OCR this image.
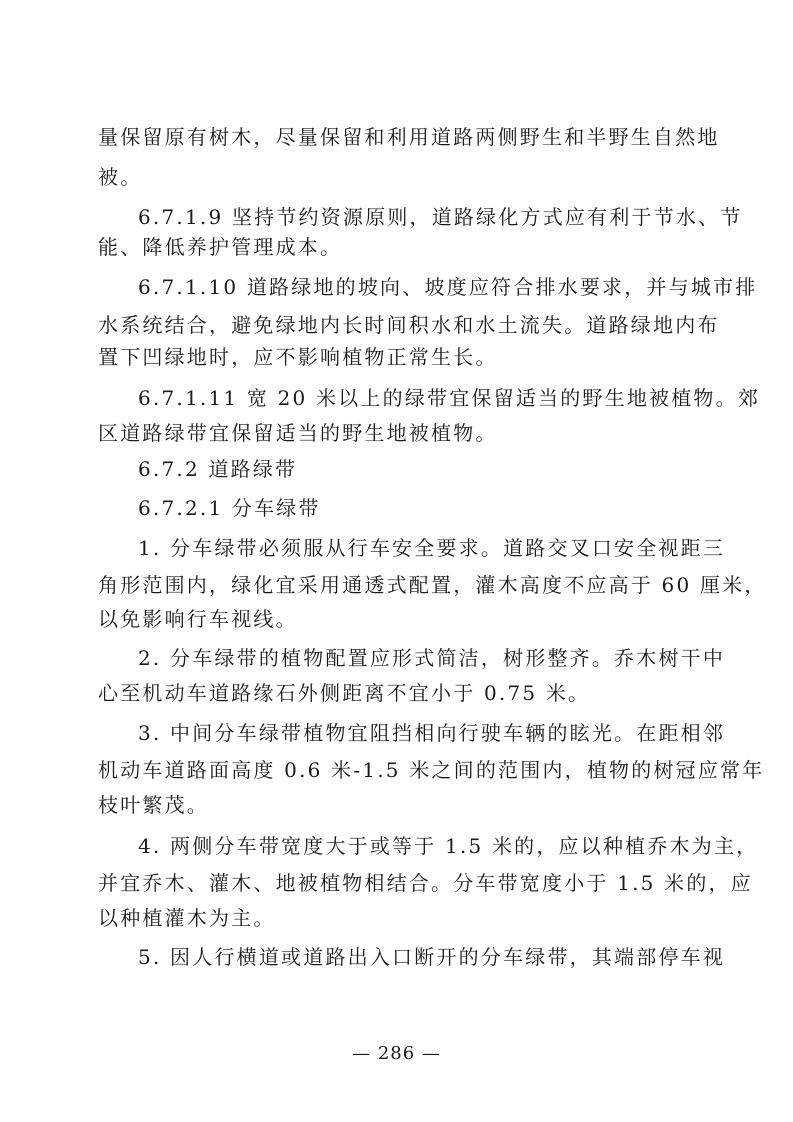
量保留原有树木，尽量保留和利用道路两侧野生和半野生自然地
被。
6.7.1.9 坚持节约资源原则，道路绿化方式应有利于节水、节
能、降低养护管理成本。
6.7.1.10 道路绿地的坡向、坡度应符合排水要求，并与城市排
水系统结合，避免绿地内长时间积水和水土流失。道路绿地内布
置下凹绿地时，应不影响植物正常生长。
6.7.1.11 宽 20 米以上的绿带宜保留适当的野生地被植物。郊
区道路绿带宜保留适当的野生地被植物。
6.7.2 道路绿带
6.7.2.1 分车绿带
1. 分车绿带必须服从行车安全要求。道路交叉口安全视距三
角形范围内，绿化宜采用通透式配置，灌木高度不应高于 60 厘米，
以免影响行车视线。
2. 分车绿带的植物配置应形式简洁，树形整齐。乔木树干中
心至机动车道路缘石外侧距离不宜小于 0.75 米。
3. 中间分车绿带植物宜阻挡相向行驶车辆的眩光。在距相邻
机动车道路面高度 0.6 米-1.5 米之间的范围内，植物的树冠应常年
枝叶繁茂。
4. 两侧分车带宽度大于或等于 1.5 米的，应以种植乔木为主，
并宜乔木、灌木、地被植物相结合。分车带宽度小于 1.5 米的，应
以种植灌木为主。
5. 因人行横道或道路出入口断开的分车绿带，其端部停车视
— 286 —
